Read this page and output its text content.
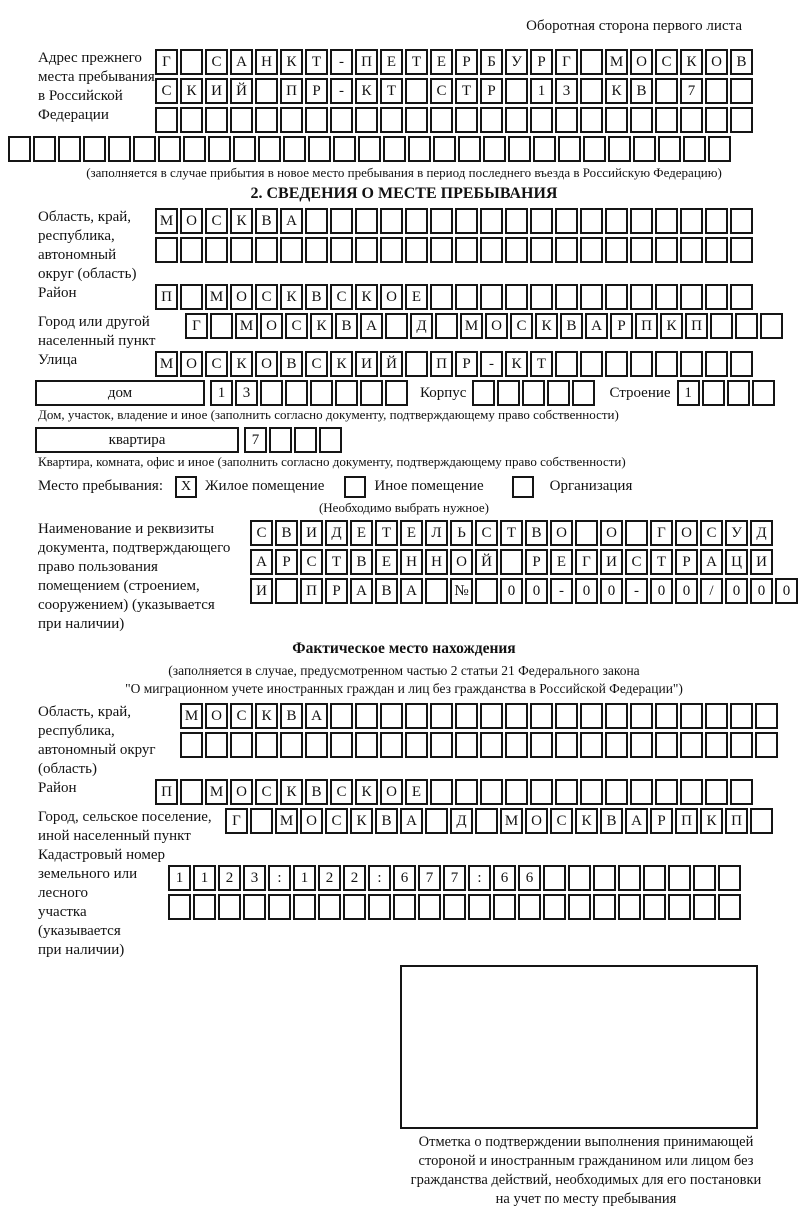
Оборотная сторона первого листа
Адрес прежнего
места пребывания
в Российской
Федерации
Г	С А Н К Т - П Е Т Е Р Б У Р Г	М О С К О В
С К И Й	П Р - К Т	С Т Р	1 3	К В	7
(заполняется в случае прибытия в новое место пребывания в период последнего въезда в Российскую Федерацию)
2. СВЕДЕНИЯ О МЕСТЕ ПРЕБЫВАНИЯ
Область, край,
республика,
автономный
округ (область)
М О С К В А
Район	П	М О С К В С К О Е
Город или другой
населенный пункт
Г	М О С К В А	Д	М О С К В А Р П К П
Улица	М О С К О В С К И Й	П Р - К Т
дом	1 3	Корпус	Строение 1
Дом, участок, владение и иное (заполнить согласно документу, подтверждающему право собственности)
квартира	7
Квартира, комната, офис и иное (заполнить согласно документу, подтверждающему право собственности)
Место пребывания: X Жилое помещение	Иное помещение	Организация
(Необходимо выбрать нужное)
Наименование и реквизиты
документа, подтверждающего
право пользования
помещением (строением,
сооружением) (указывается
при наличии)
С В И Д Е Т Е Л Ь С Т В О	О	Г О С У Д
А Р С Т В Е Н Н О Й	Р Е Г И С Т Р А Ц И
И	П Р А В А №	0 0 - 0 0 - 0 0 / 0 0 0
Фактическое место нахождения
(заполняется в случае, предусмотренном частью 2 статьи 21 Федерального закона
"О миграционном учете иностранных граждан и лиц без гражданства в Российской Федерации")
Область, край,
республика,
автономный округ
(область)
М О С К В А
Район	П	М О С К В С К О Е
Город, сельское поселение,
иной населенный пункт
Г	М О С К В А	Д	М О С К В А Р П К П
Кадастровый номер
земельного или лесного
участка (указывается
при наличии)
1 1 2 3 : 1 2 2 : 6 7 7 : 6 6
Отметка о подтверждении выполнения принимающей
стороной и иностранным гражданином или лицом без
гражданства действий, необходимых для его постановки
на учет по месту пребывания
